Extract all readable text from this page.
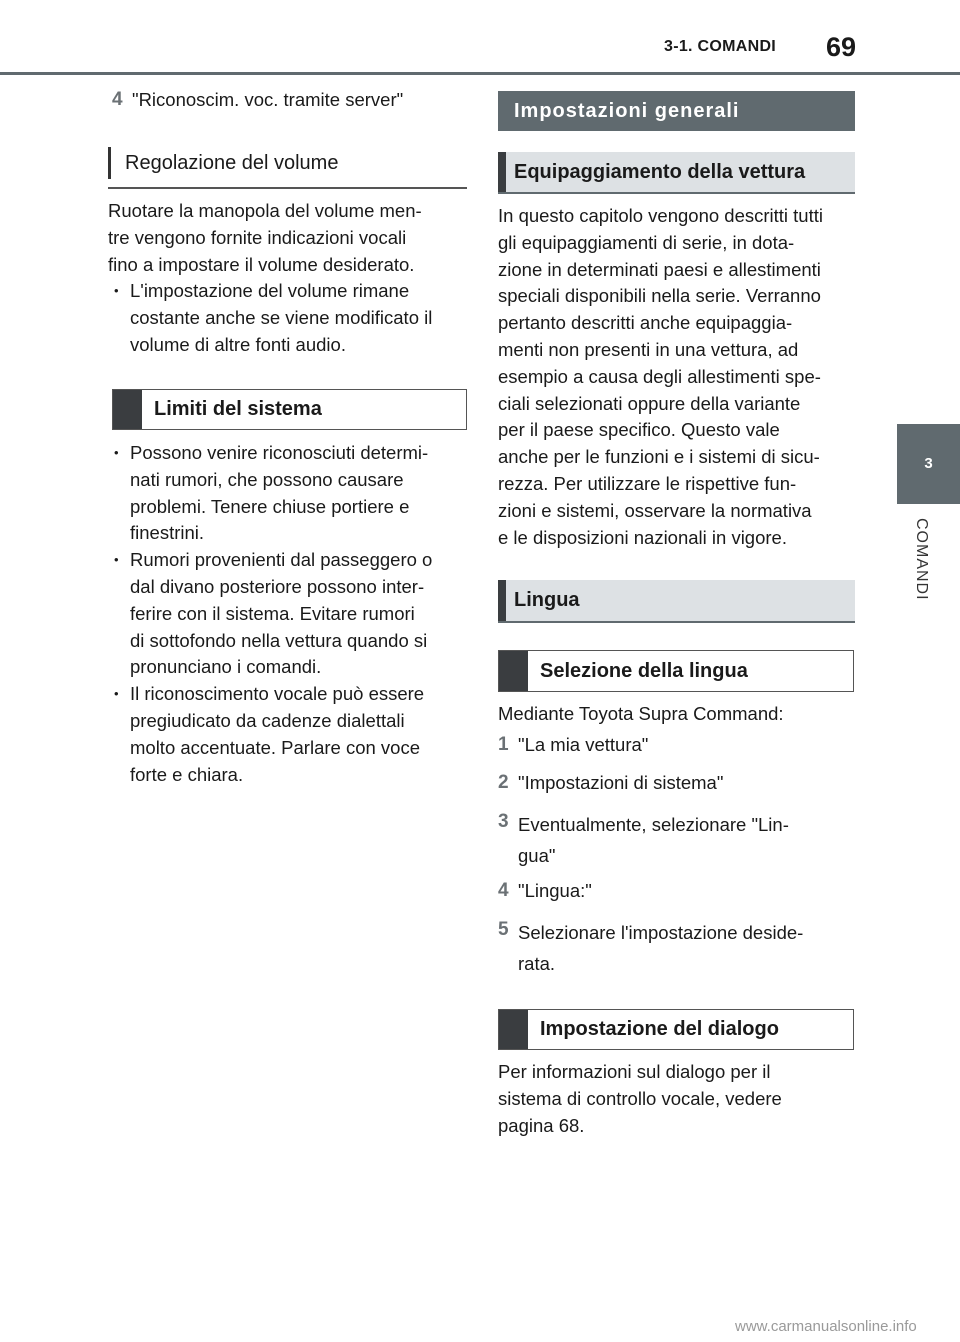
3-1. COMANDI 69
3
COMANDI
4 "Riconoscim. voc. tramite server"
Regolazione del volume

Ruotare la manopola del volume men-

tre vengono fornite indicazioni vocali

fino a impostare il volume desiderato.

• L'impostazione del volume rimane
costante anche se viene modificato il
volume di altre fonti audio.
Limiti del sistema
• Possono venire riconosciuti determi-
nati rumori, che possono causare
problemi. Tenere chiuse portiere e
finestrini.
• Rumori provenienti dal passeggero o
dal divano posteriore possono inter-
ferire con il sistema. Evitare rumori
di sottofondo nella vettura quando si
pronunciano i comandi.
• Il riconoscimento vocale può essere
pregiudicato da cadenze dialettali
molto accentuate. Parlare con voce
forte e chiara.
Impostazioni generali
Equipaggiamento della vettura

In questo capitolo vengono descritti tutti

gli equipaggiamenti di serie, in dota-

zione in determinati paesi e allestimenti

speciali disponibili nella serie. Verranno

pertanto descritti anche equipaggia-

menti non presenti in una vettura, ad

esempio a causa degli allestimenti spe-

ciali selezionati oppure della variante

per il paese specifico. Questo vale

anche per le funzioni e i sistemi di sicu-

rezza. Per utilizzare le rispettive fun-

zioni e sistemi, osservare la normativa

e le disposizioni nazionali in vigore.

Lingua
Selezione della lingua
Mediante Toyota Supra Command:
1 "La mia vettura"
2 "Impostazioni di sistema"
3 Eventualmente, selezionare "Lin-
gua"
4 "Lingua:"
5 Selezionare l'impostazione deside-
rata.
Impostazione del dialogo

Per informazioni sul dialogo per il

sistema di controllo vocale, vedere

pagina 68.

www.carmanualsonline.info
